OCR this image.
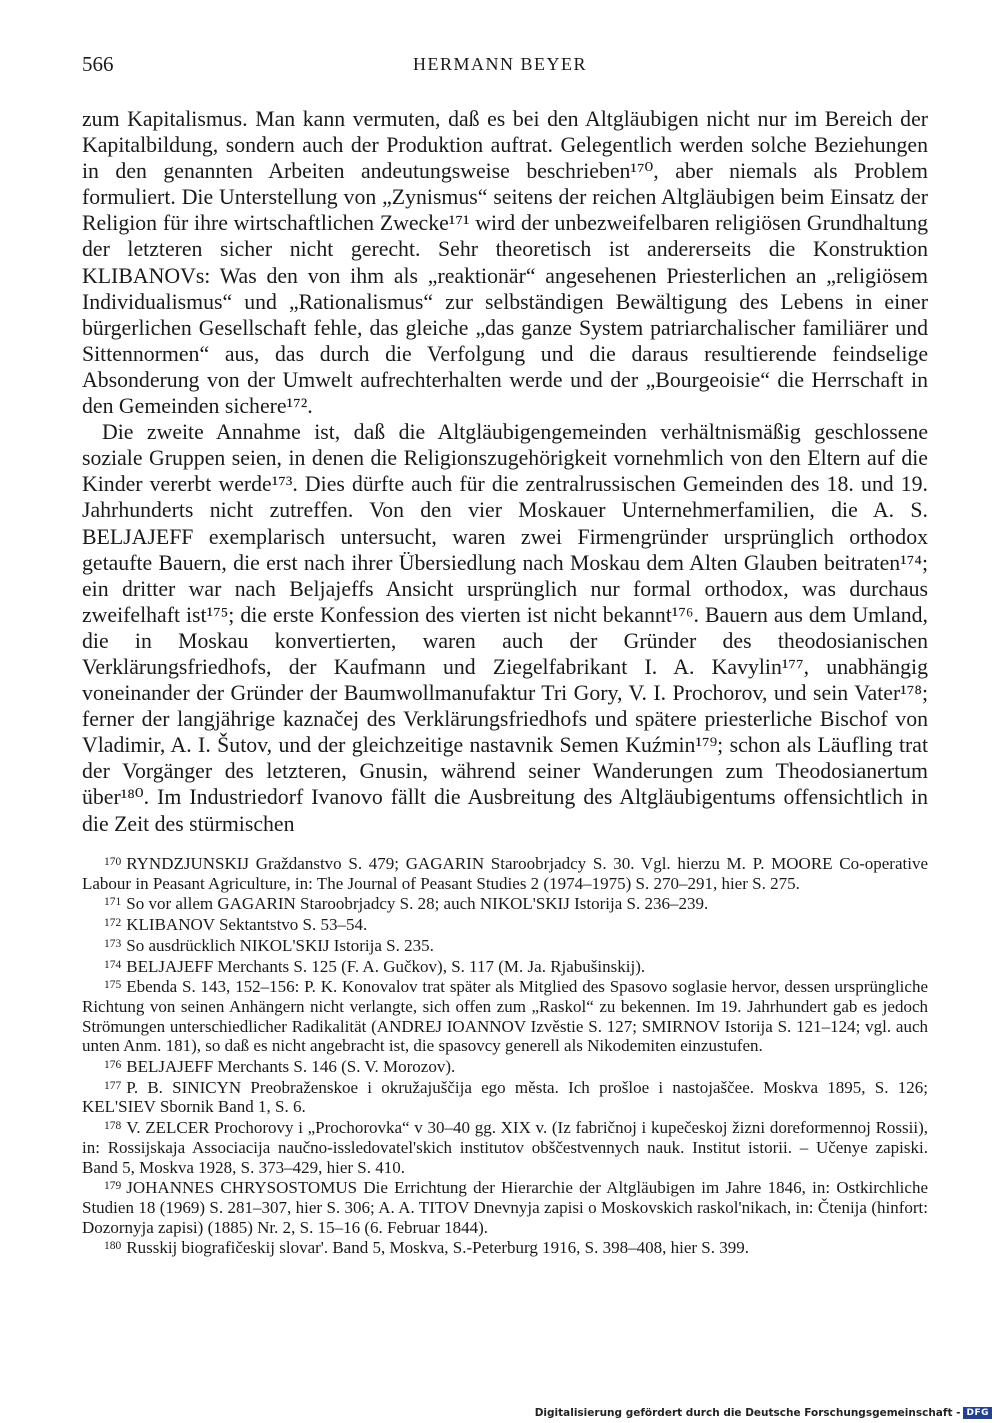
566	HERMANN BEYER

zum Kapitalismus. Man kann vermuten, daß es bei den Altgläubigen nicht nur im Bereich der Kapitalbildung, sondern auch der Produktion auftrat. Gelegentlich werden solche Beziehungen in den genannten Arbeiten andeutungsweise beschrieben¹⁷⁰, aber niemals als Problem formuliert. Die Unterstellung von „Zynismus“ seitens der reichen Altgläubigen beim Einsatz der Religion für ihre wirtschaftlichen Zwecke¹⁷¹ wird der unbezweifelbaren religiösen Grundhaltung der letzteren sicher nicht gerecht. Sehr theoretisch ist andererseits die Konstruktion KLIBANOVs: Was den von ihm als „reaktionär“ angesehenen Priesterlichen an „religiösem Individualismus“ und „Rationalismus“ zur selbständigen Bewältigung des Lebens in einer bürgerlichen Gesellschaft fehle, das gleiche „das ganze System patriarchalischer familiärer und Sittennormen“ aus, das durch die Verfolgung und die daraus resultierende feindselige Absonderung von der Umwelt aufrechterhalten werde und der „Bourgeoisie“ die Herrschaft in den Gemeinden sichere¹⁷².

Die zweite Annahme ist, daß die Altgläubigengemeinden verhältnismäßig geschlossene soziale Gruppen seien, in denen die Religionszugehörigkeit vornehmlich von den Eltern auf die Kinder vererbt werde¹⁷³. Dies dürfte auch für die zentralrussischen Gemeinden des 18. und 19. Jahrhunderts nicht zutreffen. Von den vier Moskauer Unternehmerfamilien, die A. S. BELJAJEFF exemplarisch untersucht, waren zwei Firmengründer ursprünglich orthodox getaufte Bauern, die erst nach ihrer Übersiedlung nach Moskau dem Alten Glauben beitraten¹⁷⁴; ein dritter war nach Beljajeffs Ansicht ursprünglich nur formal orthodox, was durchaus zweifelhaft ist¹⁷⁵; die erste Konfession des vierten ist nicht bekannt¹⁷⁶. Bauern aus dem Umland, die in Moskau konvertierten, waren auch der Gründer des theodosianischen Verklärungsfriedhofs, der Kaufmann und Ziegelfabrikant I. A. Kavylin¹⁷⁷, unabhängig voneinander der Gründer der Baumwollmanufaktur Tri Gory, V. I. Prochorov, und sein Vater¹⁷⁸; ferner der langjährige kaznačej des Verklärungsfriedhofs und spätere priesterliche Bischof von Vladimir, A. I. Šutov, und der gleichzeitige nastavnik Semen Kuźmin¹⁷⁹; schon als Läufling trat der Vorgänger des letzteren, Gnusin, während seiner Wanderungen zum Theodosianertum über¹⁸⁰. Im Industriedorf Ivanovo fällt die Ausbreitung des Altgläubigentums offensichtlich in die Zeit des stürmischen

$^{170}$ RYNDZJUNSKIJ Graždanstvo S. 479; GAGARIN Staroobrjadcy S. 30. Vgl. hierzu M. P. MOORE Co-operative Labour in Peasant Agriculture, in: The Journal of Peasant Studies 2 (1974–1975) S. 270–291, hier S. 275.

$^{171}$ So vor allem GAGARIN Staroobrjadcy S. 28; auch NIKOL'SKIJ Istorija S. 236–239.

$^{172}$ KLIBANOV Sektantstvo S. 53–54.

$^{173}$ So ausdrücklich NIKOL'SKIJ Istorija S. 235.

$^{174}$ BELJAJEFF Merchants S. 125 (F. A. Gučkov), S. 117 (M. Ja. Rjabušinskij).

$^{175}$ Ebenda S. 143, 152–156: P. K. Konovalov trat später als Mitglied des Spasovo soglasie hervor, dessen ursprüngliche Richtung von seinen Anhängern nicht verlangte, sich offen zum „Raskol“ zu bekennen. Im 19. Jahrhundert gab es jedoch Strömungen unterschiedlicher Radikalität (ANDREJ IOANNOV Izvěstie S. 127; SMIRNOV Istorija S. 121–124; vgl. auch unten Anm. 181), so daß es nicht angebracht ist, die spasovcy generell als Nikodemiten einzustufen.

$^{176}$ BELJAJEFF Merchants S. 146 (S. V. Morozov).

$^{177}$ P. B. SINICYN Preobraženskoe i okružajuščija ego města. Ich prošloe i nastojaščee. Moskva 1895, S. 126; KEL'SIEV Sbornik Band 1, S. 6.

$^{178}$ V. ZELCER Prochorovy i „Prochorovka“ v 30–40 gg. XIX v. (Iz fabričnoj i kupečeskoj žizni doreformennoj Rossii), in: Rossijskaja Associacija naučno-issledovatel'skich institutov obščestvennych nauk. Institut istorii. – Učenye zapiski. Band 5, Moskva 1928, S. 373–429, hier S. 410.

$^{179}$ JOHANNES CHRYSOSTOMUS Die Errichtung der Hierarchie der Altgläubigen im Jahre 1846, in: Ostkirchliche Studien 18 (1969) S. 281–307, hier S. 306; A. A. TITOV Dnevnyja zapisi o Moskovskich raskol'nikach, in: Čtenija (hinfort: Dozornyja zapisi) (1885) Nr. 2, S. 15–16 (6. Februar 1844).

$^{180}$ Russkij biografičeskij slovar'. Band 5, Moskva, S.-Peterburg 1916, S. 398–408, hier S. 399.

Digitalisierung gefördert durch die Deutsche Forschungsgemeinschaft - DFG
